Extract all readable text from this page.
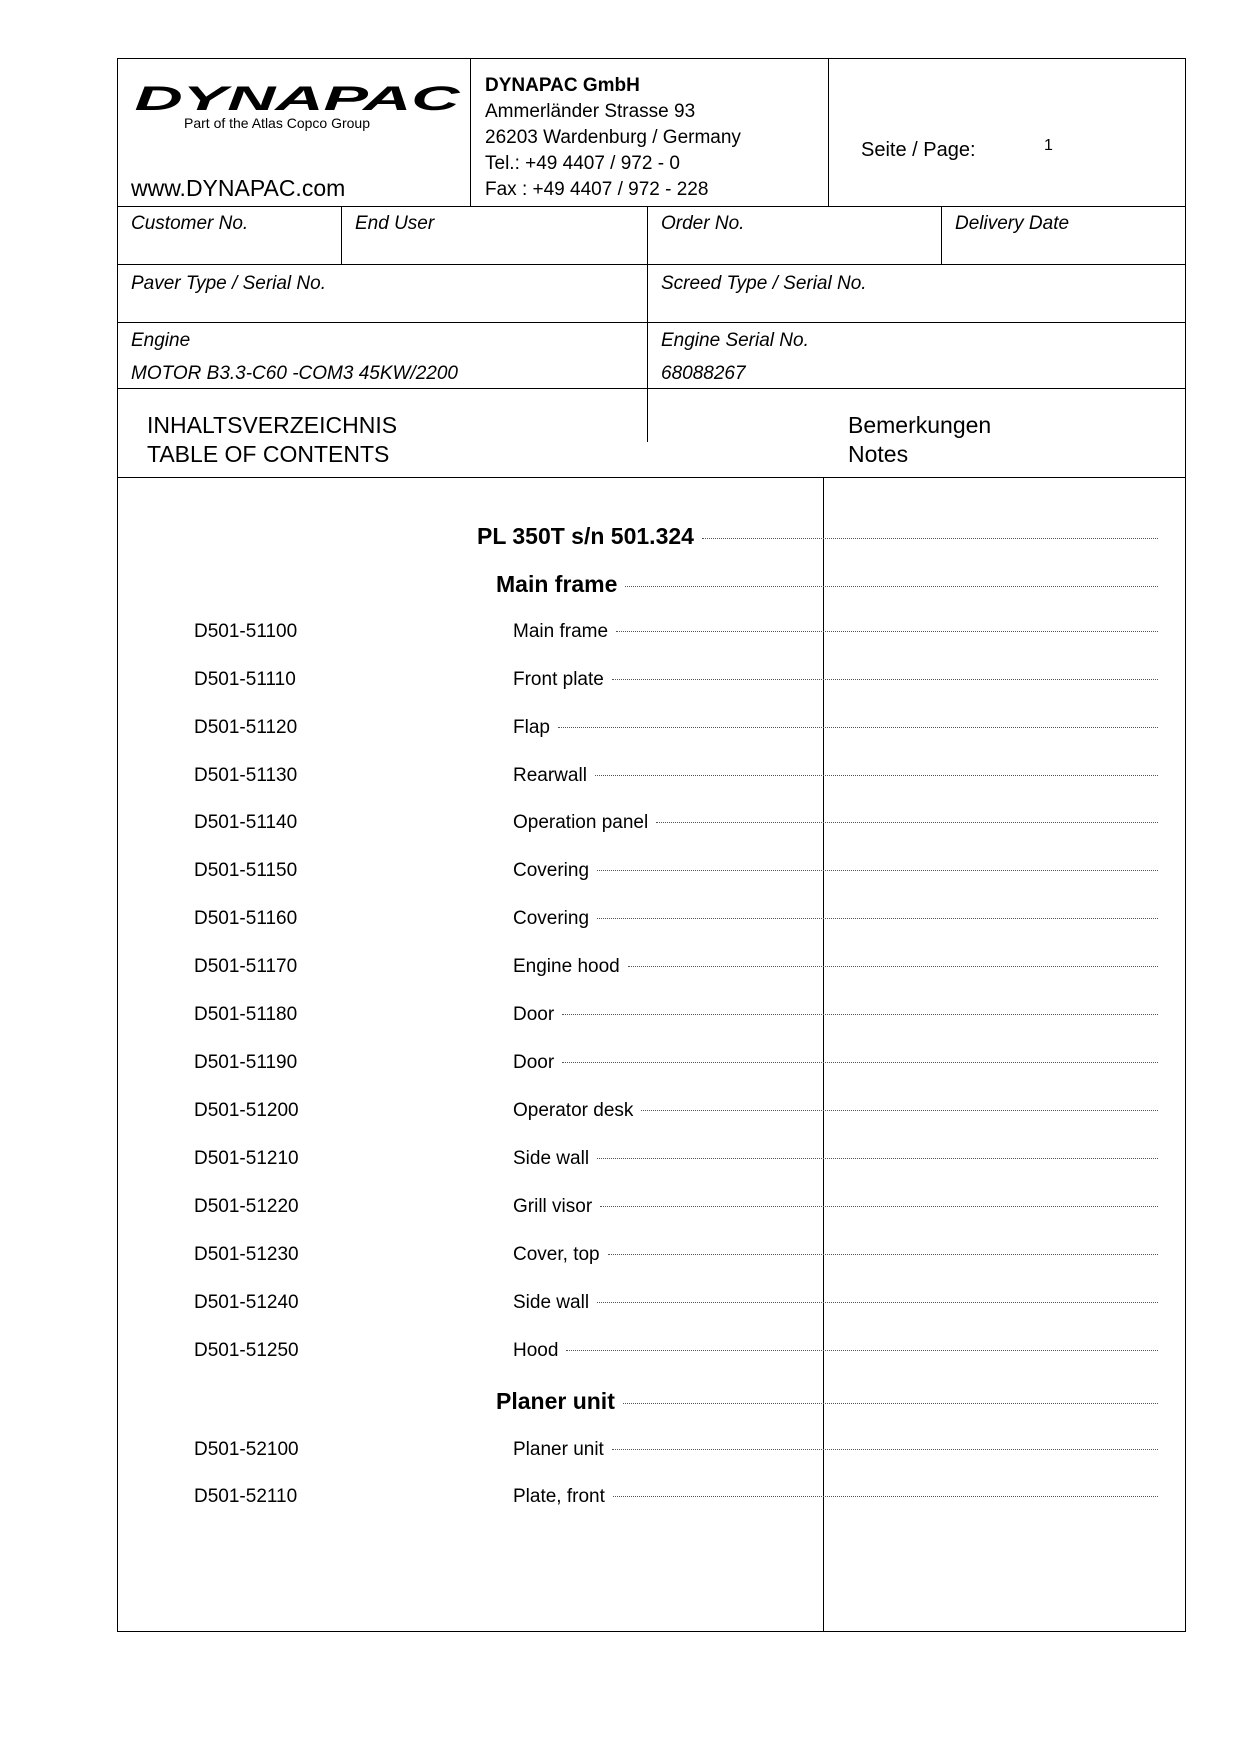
DYNAPAC
Part of the Atlas Copco Group
www.DYNAPAC.com
DYNAPAC GmbH
Ammerländer Strasse 93
26203 Wardenburg / Germany
Tel.: +49 4407 / 972 - 0
Fax : +49 4407 / 972 - 228
Seite / Page:	1
Customer No.	End User	Order No.	Delivery Date
Paver Type / Serial No.	Screed Type / Serial No.
Engine
MOTOR B3.3-C60 -COM3 45KW/2200
Engine Serial No.
68088267
INHALTSVERZEICHNIS
TABLE OF CONTENTS
Bemerkungen
Notes
PL 350T s/n 501.324
Main frame
D501-51100	Main frame
D501-51110	Front plate
D501-51120	Flap
D501-51130	Rearwall
D501-51140	Operation panel
D501-51150	Covering
D501-51160	Covering
D501-51170	Engine hood
D501-51180	Door
D501-51190	Door
D501-51200	Operator desk
D501-51210	Side wall
D501-51220	Grill visor
D501-51230	Cover, top
D501-51240	Side wall
D501-51250	Hood
Planer unit
D501-52100	Planer unit
D501-52110	Plate, front
